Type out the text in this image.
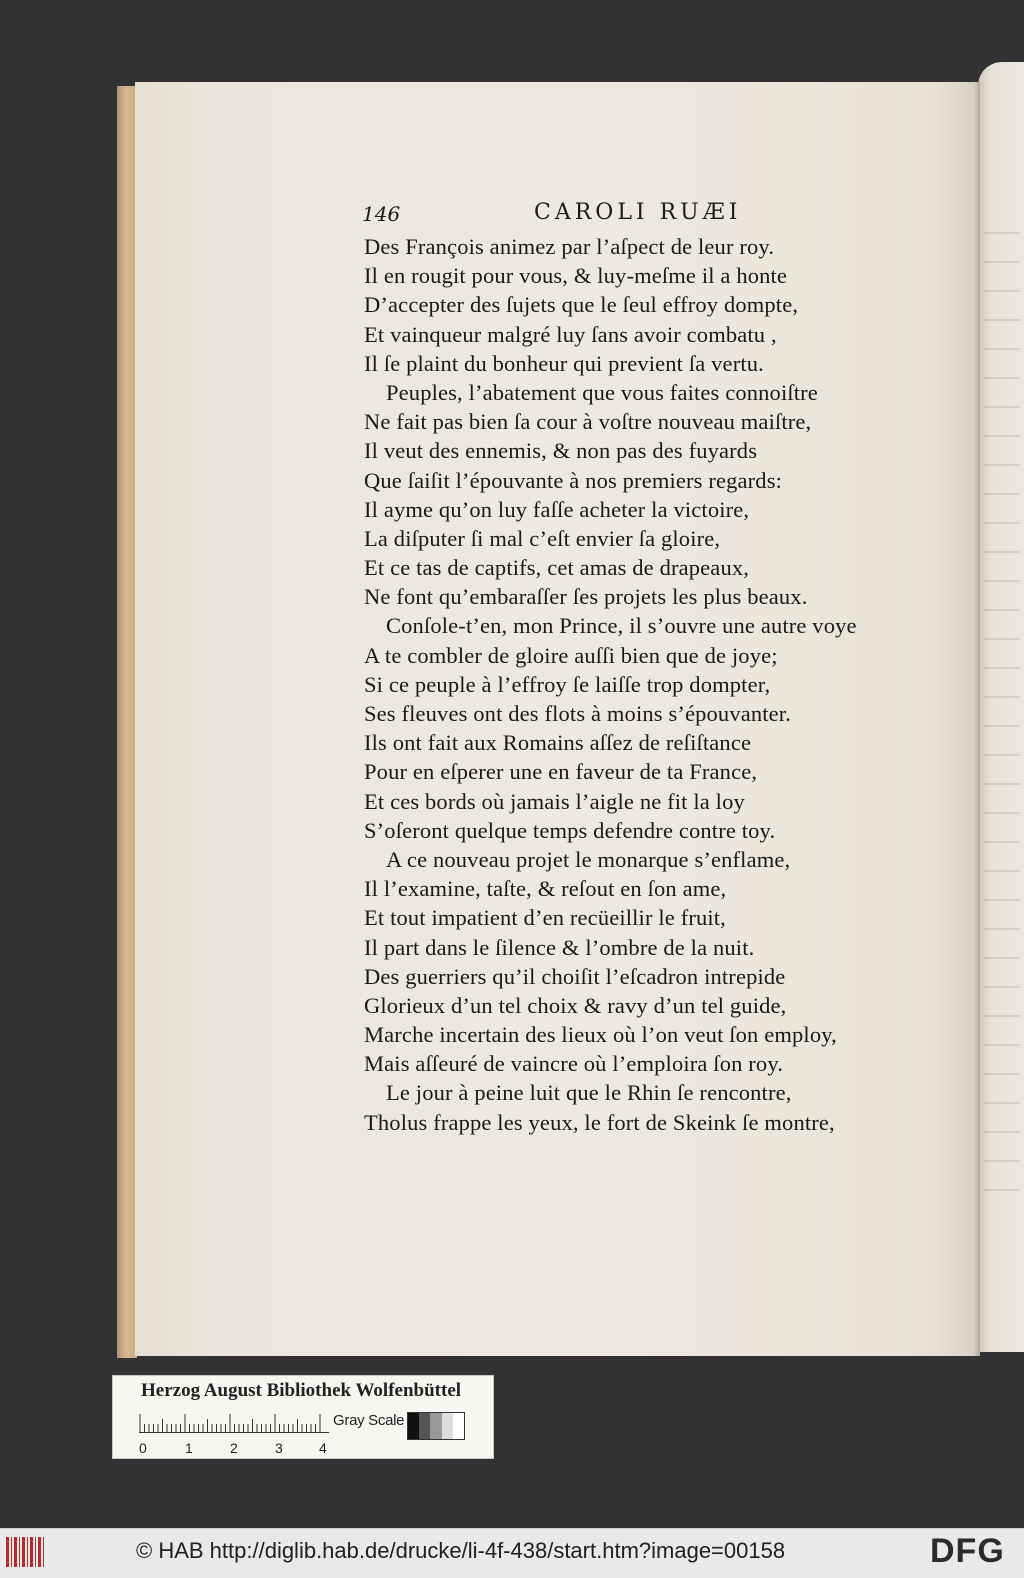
146	CAROLI RUÆI
Des François animez par l’aſpect de leur roy.
Il en rougit pour vous, & luy-meſme il a honte
D’accepter des ſujets que le ſeul effroy dompte,
Et vainqueur malgré luy ſans avoir combatu ,
Il ſe plaint du bonheur qui previent ſa vertu.
Peuples, l’abatement que vous faites connoiſtre
Ne fait pas bien ſa cour à voſtre nouveau maiſtre,
Il veut des ennemis, & non pas des fuyards
Que ſaiſit l’épouvante à nos premiers regards:
Il ayme qu’on luy faſſe acheter la victoire,
La diſputer ſi mal c’eſt envier ſa gloire,
Et ce tas de captifs, cet amas de drapeaux,
Ne font qu’embaraſſer ſes projets les plus beaux.
Conſole-t’en, mon Prince, il s’ouvre une autre voye
A te combler de gloire auſſi bien que de joye;
Si ce peuple à l’effroy ſe laiſſe trop dompter,
Ses fleuves ont des flots à moins s’épouvanter.
Ils ont fait aux Romains aſſez de reſiſtance
Pour en eſperer une en faveur de ta France,
Et ces bords où jamais l’aigle ne fit la loy
S’oſeront quelque temps defendre contre toy.
A ce nouveau projet le monarque s’enflame,
Il l’examine, taſte, & reſout en ſon ame,
Et tout impatient d’en recüeillir le fruit,
Il part dans le ſilence & l’ombre de la nuit.
Des guerriers qu’il choiſit l’eſcadron intrepide
Glorieux d’un tel choix & ravy d’un tel guide,
Marche incertain des lieux où l’on veut ſon employ,
Mais aſſeuré de vaincre où l’emploira ſon roy.
Le jour à peine luit que le Rhin ſe rencontre,
Tholus frappe les yeux, le fort de Skeink ſe montre,
Herzog August Bibliothek Wolfenbüttel
0	1	2	3	4
Gray Scale
© HAB http://diglib.hab.de/drucke/li-4f-438/start.htm?image=00158	DFG
